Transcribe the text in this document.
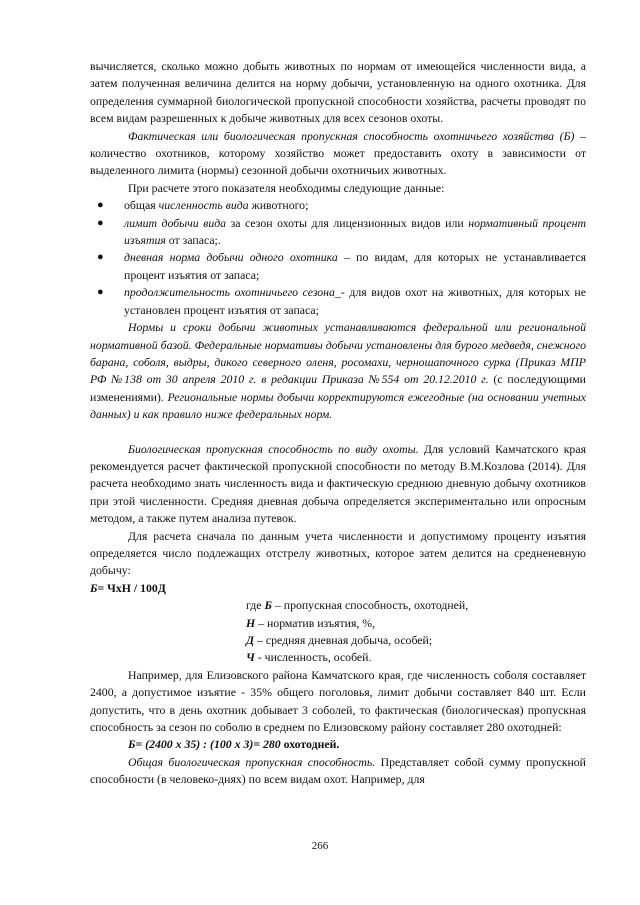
вычисляется, сколько можно добыть животных по нормам от имеющейся численности вида, а затем полученная величина делится на норму добычи, установленную на одного охотника. Для определения суммарной биологической пропускной способности хозяйства, расчеты проводят по всем видам разрешенных к добыче животных для всех сезонов охоты.

Фактическая или биологическая пропускная способность охотничьего хозяйства (Б) – количество охотников, которому хозяйство может предоставить охоту в зависимости от выделенного лимита (нормы) сезонной добычи охотничьих животных.

При расчете этого показателя необходимы следующие данные:

● общая численность вида животного;
● лимит добычи вида за сезон охоты для лицензионных видов или нормативный процент изъятия от запаса;.
● дневная норма добычи одного охотника – по видам, для которых не устанавливается процент изъятия от запаса;
● продолжительность охотничьего сезона_- для видов охот на животных, для которых не установлен процент изъятия от запаса;

Нормы и сроки добычи животных устанавливаются федеральной или региональной нормативной базой. Федеральные нормативы добычи установлены для бурого медведя, снежного барана, соболя, выдры, дикого северного оленя, росомахи, черношапочного сурка (Приказ МПР РФ №138 от 30 апреля 2010 г. в редакции Приказа №554 от 20.12.2010 г. (с последующими изменениями). Региональные нормы добычи корректируются ежегодные (на основании учетных данных) и как правило ниже федеральных норм.

Биологическая пропускная способность по виду охоты. Для условий Камчатского края рекомендуется расчет фактической пропускной способности по методу В.М.Козлова (2014). Для расчета необходимо знать численность вида и фактическую среднюю дневную добычу охотников при этой численности. Средняя дневная добыча определяется экспериментально или опросным методом, а также путем анализа путевок.

Для расчета сначала по данным учета численности и допустимому проценту изъятия определяется число подлежащих отстрелу животных, которое затем делится на средненевную добычу:

Б= ЧхН / 100Д

где Б – пропускная способность, охотодней,

Н – норматив изъятия, %,

Д – средняя дневная добыча, особей;

Ч - численность, особей.

Например, для Елизовского района Камчатского края, где численность соболя составляет 2400, а допустимое изъятие - 35% общего поголовья, лимит добычи составляет 840 шт. Если допустить, что в день охотник добывает 3 соболей, то фактическая (биологическая) пропускная способность за сезон по соболю в среднем по Елизовскому району составляет 280 охотодней:

Б= (2400 х 35) : (100 х 3)= 280 охотодней.

Общая биологическая пропускная способность. Представляет собой сумму пропускной способности (в человеко-днях) по всем видам охот. Например, для

266
